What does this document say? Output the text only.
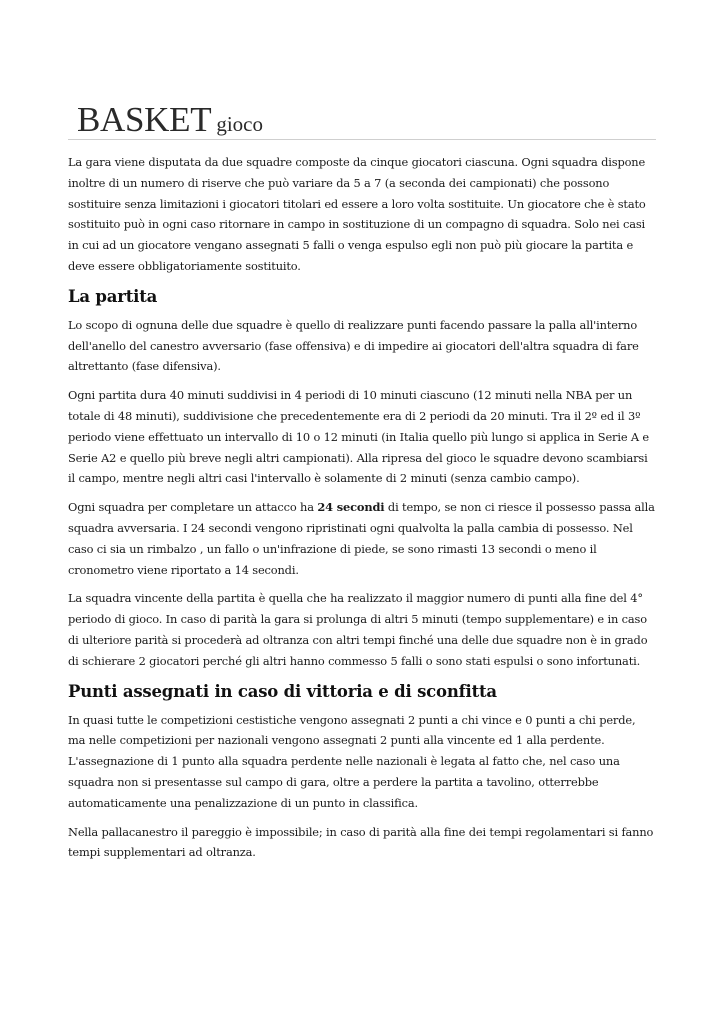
BASKET gioco

La gara viene disputata da due squadre composte da cinque giocatori ciascuna. Ogni squadra dispone inoltre di un numero di riserve che può variare da 5 a 7 (a seconda dei campionati) che possono sostituire senza limitazioni i giocatori titolari ed essere a loro volta sostituite. Un giocatore che è stato sostituito può in ogni caso ritornare in campo in sostituzione di un compagno di squadra. Solo nei casi in cui ad un giocatore vengano assegnati 5 falli o venga espulso egli non può più giocare la partita e deve essere obbligatoriamente sostituito.

La partita

Lo scopo di ognuna delle due squadre è quello di realizzare punti facendo passare la palla all'interno dell'anello del canestro avversario (fase offensiva) e di impedire ai giocatori dell'altra squadra di fare altrettanto (fase difensiva).

Ogni partita dura 40 minuti suddivisi in 4 periodi di 10 minuti ciascuno (12 minuti nella NBA per un totale di 48 minuti), suddivisione che precedentemente era di 2 periodi da 20 minuti. Tra il 2º ed il 3º periodo viene effettuato un intervallo di 10 o 12 minuti (in Italia quello più lungo si applica in Serie A e Serie A2 e quello più breve negli altri campionati). Alla ripresa del gioco le squadre devono scambiarsi il campo, mentre negli altri casi l'intervallo è solamente di 2 minuti (senza cambio campo).

Ogni squadra per completare un attacco ha 24 secondi di tempo, se non ci riesce il possesso passa alla squadra avversaria. I 24 secondi vengono ripristinati ogni qualvolta la palla cambia di possesso. Nel caso ci sia un rimbalzo , un fallo o un'infrazione di piede, se sono rimasti 13 secondi o meno il cronometro viene riportato a 14 secondi.

La squadra vincente della partita è quella che ha realizzato il maggior numero di punti alla fine del 4° periodo di gioco. In caso di parità la gara si prolunga di altri 5 minuti (tempo supplementare) e in caso di ulteriore parità si procederà ad oltranza con altri tempi finché una delle due squadre non è in grado di schierare 2 giocatori perché gli altri hanno commesso 5 falli o sono stati espulsi o sono infortunati.

Punti assegnati in caso di vittoria e di sconfitta

In quasi tutte le competizioni cestistiche vengono assegnati 2 punti a chi vince e 0 punti a chi perde, ma nelle competizioni per nazionali vengono assegnati 2 punti alla vincente ed 1 alla perdente. L'assegnazione di 1 punto alla squadra perdente nelle nazionali è legata al fatto che, nel caso una squadra non si presentasse sul campo di gara, oltre a perdere la partita a tavolino, otterrebbe automaticamente una penalizzazione di un punto in classifica.

Nella pallacanestro il pareggio è impossibile; in caso di parità alla fine dei tempi regolamentari si fanno tempi supplementari ad oltranza.
